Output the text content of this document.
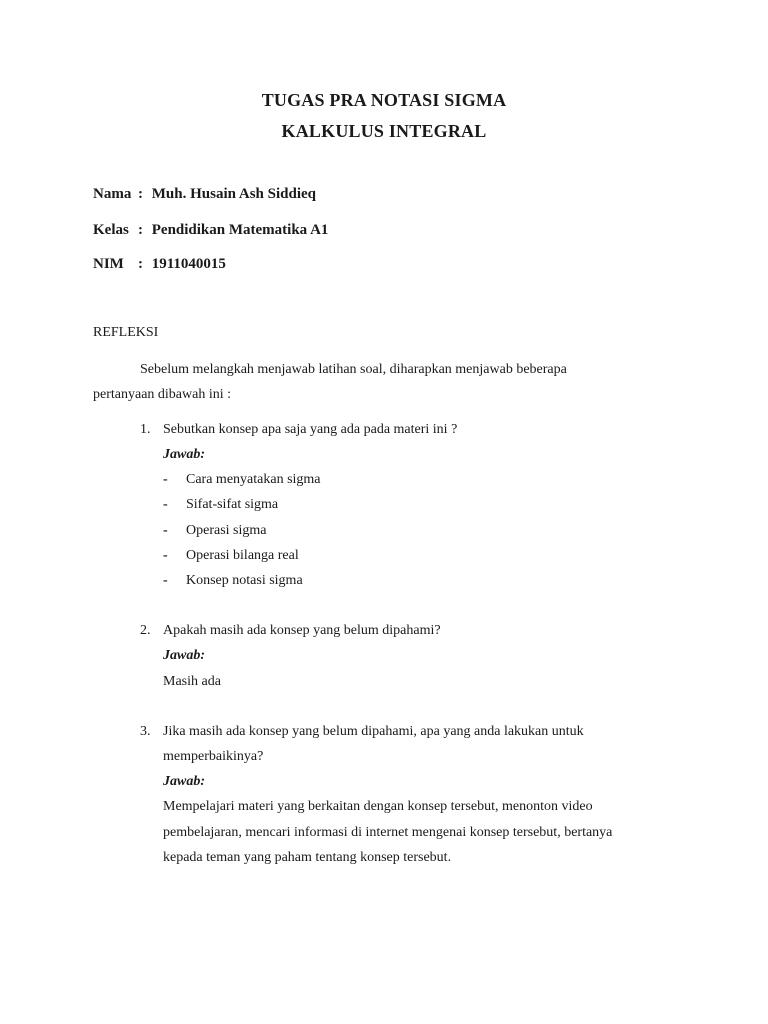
TUGAS PRA NOTASI SIGMA
KALKULUS INTEGRAL
Nama : Muh. Husain Ash Siddieq
Kelas : Pendidikan Matematika A1
NIM : 1911040015
REFLEKSI
Sebelum melangkah menjawab latihan soal, diharapkan menjawab beberapa
pertanyaan dibawah ini :
1. Sebutkan konsep apa saja yang ada pada materi ini ?
Jawab:
- Cara menyatakan sigma
- Sifat-sifat sigma
- Operasi sigma
- Operasi bilanga real
- Konsep notasi sigma
2. Apakah masih ada konsep yang belum dipahami?
Jawab:
Masih ada
3. Jika masih ada konsep yang belum dipahami, apa yang anda lakukan untuk
memperbaikinya?
Jawab:
Mempelajari materi yang berkaitan dengan konsep tersebut, menonton video
pembelajaran, mencari informasi di internet mengenai konsep tersebut, bertanya
kepada teman yang paham tentang konsep tersebut.
